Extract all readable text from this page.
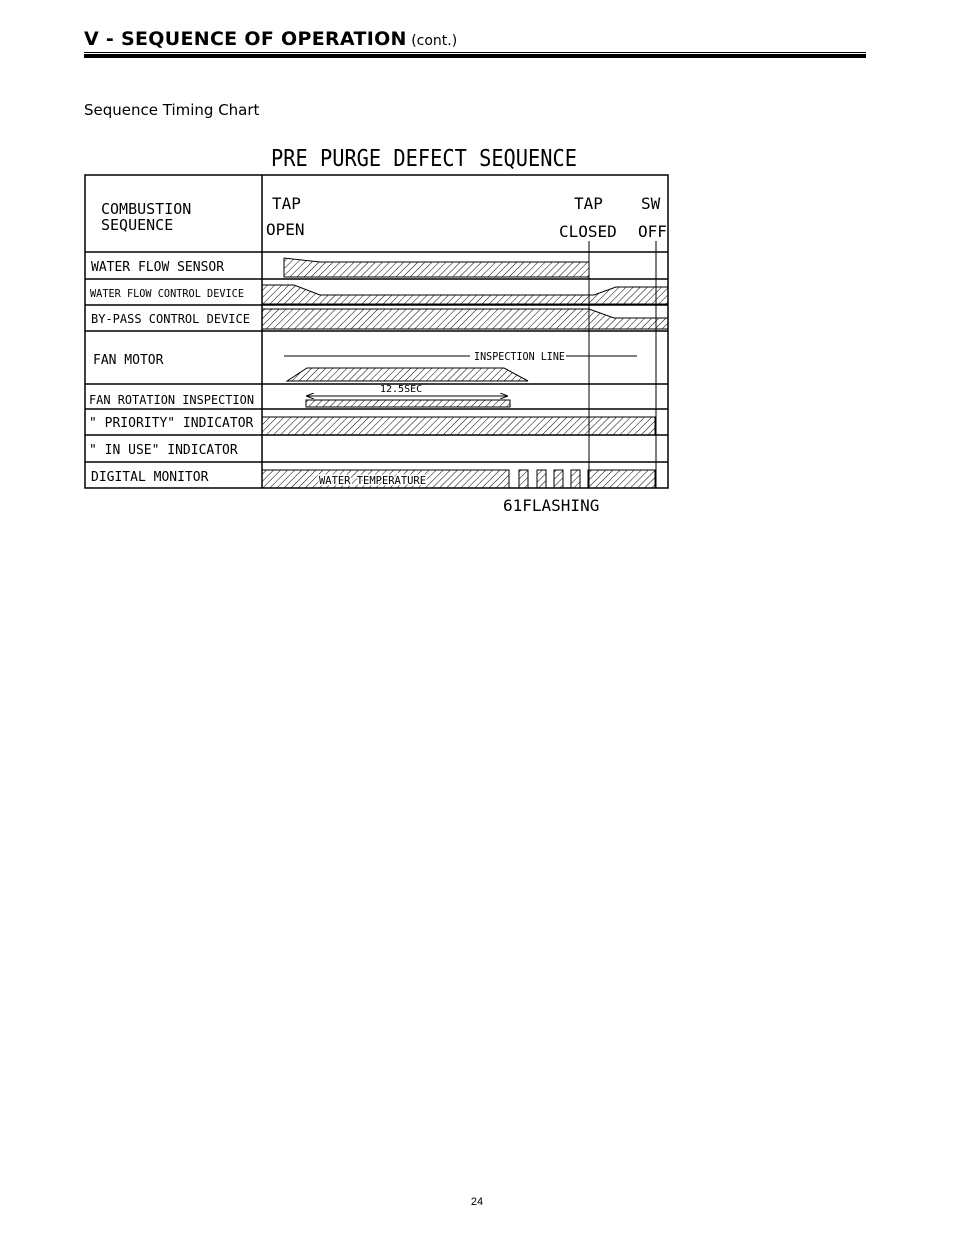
V - SEQUENCE OF OPERATION (cont.)
Sequence Timing Chart
PRE PURGE DEFECT SEQUENCE
COMBUSTION
SEQUENCE
TAP
OPEN
TAP
CLOSED
SW
OFF
WATER FLOW SENSOR
WATER FLOW CONTROL DEVICE
BY-PASS CONTROL DEVICE
FAN MOTOR
FAN ROTATION INSPECTION
" PRIORITY" INDICATOR
" IN USE" INDICATOR
DIGITAL MONITOR
INSPECTION LINE
12.5SEC
WATER TEMPERATURE
61FLASHING
24
